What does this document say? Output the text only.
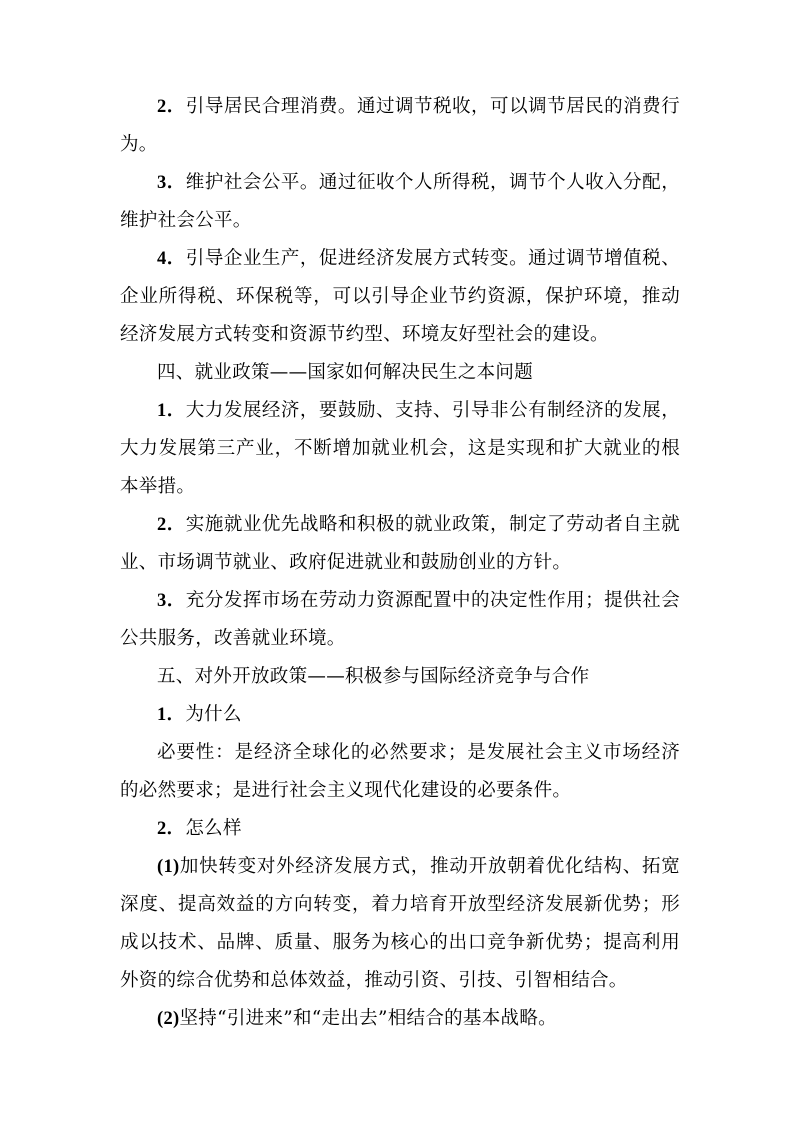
2．引导居民合理消费。通过调节税收，可以调节居民的消费行为。

3．维护社会公平。通过征收个人所得税，调节个人收入分配，维护社会公平。

4．引导企业生产，促进经济发展方式转变。通过调节增值税、企业所得税、环保税等，可以引导企业节约资源，保护环境，推动经济发展方式转变和资源节约型、环境友好型社会的建设。

四、就业政策——国家如何解决民生之本问题

1．大力发展经济，要鼓励、支持、引导非公有制经济的发展，大力发展第三产业，不断增加就业机会，这是实现和扩大就业的根本举措。

2．实施就业优先战略和积极的就业政策，制定了劳动者自主就业、市场调节就业、政府促进就业和鼓励创业的方针。

3．充分发挥市场在劳动力资源配置中的决定性作用；提供社会公共服务，改善就业环境。

五、对外开放政策——积极参与国际经济竞争与合作

1．为什么

必要性：是经济全球化的必然要求；是发展社会主义市场经济的必然要求；是进行社会主义现代化建设的必要条件。

2．怎么样

(1)加快转变对外经济发展方式，推动开放朝着优化结构、拓宽深度、提高效益的方向转变，着力培育开放型经济发展新优势；形成以技术、品牌、质量、服务为核心的出口竞争新优势；提高利用外资的综合优势和总体效益，推动引资、引技、引智相结合。

(2)坚持“引进来”和“走出去”相结合的基本战略。
